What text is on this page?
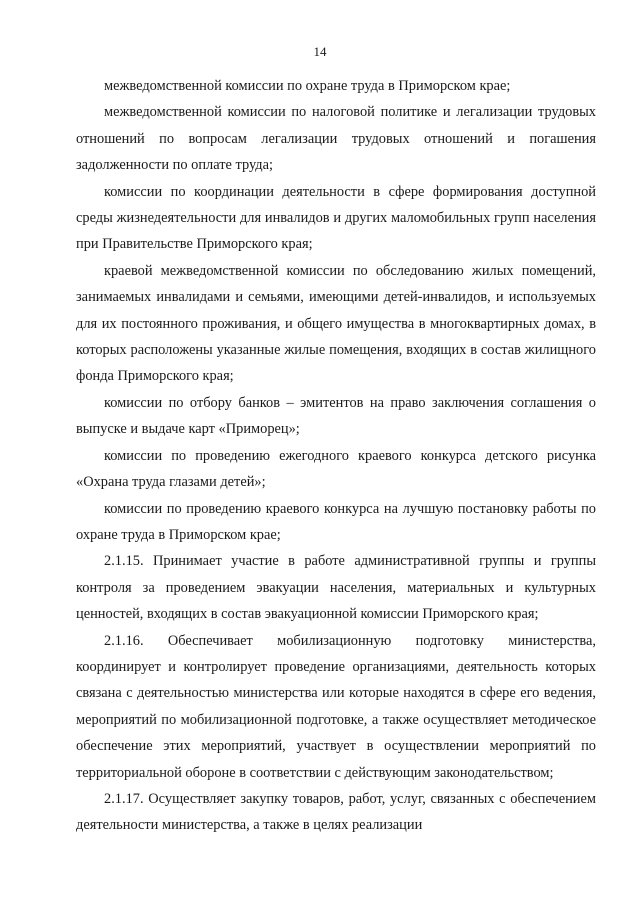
14

межведомственной комиссии по охране труда в Приморском крае;

межведомственной комиссии по налоговой политике и легализации трудовых отношений по вопросам легализации трудовых отношений и погашения задолженности по оплате труда;

комиссии по координации деятельности в сфере формирования доступной среды жизнедеятельности для инвалидов и других маломобильных групп населения при Правительстве Приморского края;

краевой межведомственной комиссии по обследованию жилых помещений, занимаемых инвалидами и семьями, имеющими детей-инвалидов, и используемых для их постоянного проживания, и общего имущества в многоквартирных домах, в которых расположены указанные жилые помещения, входящих в состав жилищного фонда Приморского края;

комиссии по отбору банков – эмитентов на право заключения соглашения о выпуске и выдаче карт «Приморец»;

комиссии по проведению ежегодного краевого конкурса детского рисунка «Охрана труда глазами детей»;

комиссии по проведению краевого конкурса на лучшую постановку работы по охране труда в Приморском крае;

2.1.15. Принимает участие в работе административной группы и группы контроля за проведением эвакуации населения, материальных и культурных ценностей, входящих в состав эвакуационной комиссии Приморского края;

2.1.16. Обеспечивает мобилизационную подготовку министерства, координирует и контролирует проведение организациями, деятельность которых связана с деятельностью министерства или которые находятся в сфере его ведения, мероприятий по мобилизационной подготовке, а также осуществляет методическое обеспечение этих мероприятий, участвует в осуществлении мероприятий по территориальной обороне в соответствии с действующим законодательством;

2.1.17. Осуществляет закупку товаров, работ, услуг, связанных с обеспечением деятельности министерства, а также в целях реализации
